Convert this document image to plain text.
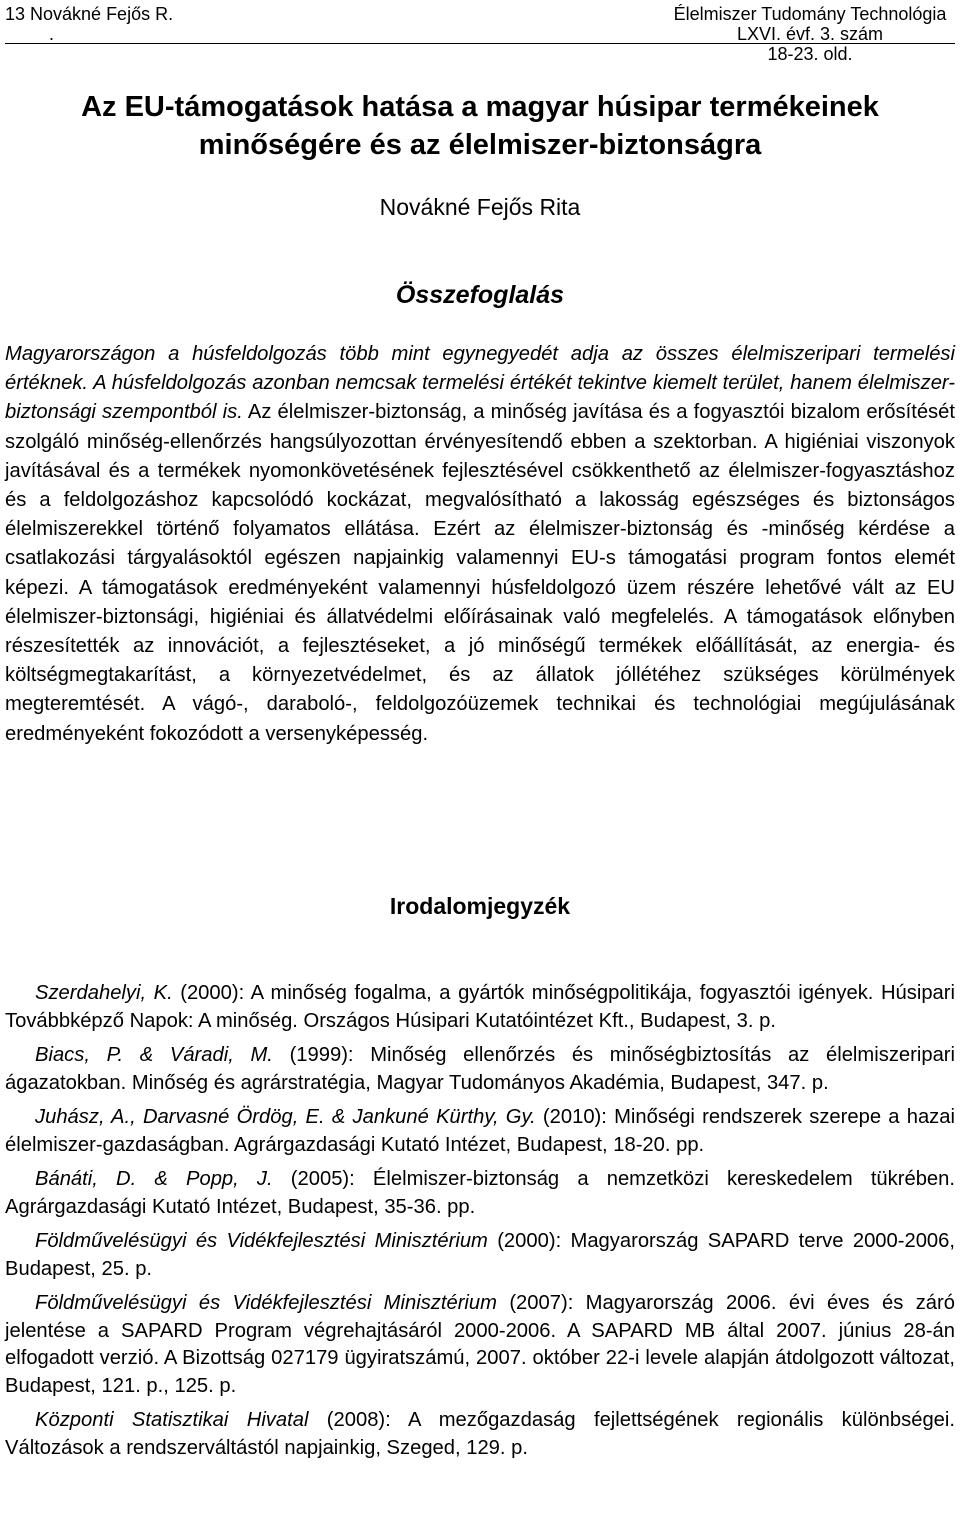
13 Novákné Fejős R.
.
Élelmiszer Tudomány Technológia LXVI. évf. 3. szám
18-23. old.
Az EU-támogatások hatása a magyar húsipar termékeinek
minőségére és az élelmiszer-biztonságra
Novákné Fejős Rita
Összefoglalás

Magyarországon a húsfeldolgozás több mint egynegyedét adja az összes élelmiszeripari termelési értéknek. A húsfeldolgozás azonban nemcsak termelési értékét tekintve kiemelt terület, hanem élelmiszer-biztonsági szempontból is. Az élelmiszer-biztonság, a minőség javítása és a fogyasztói bizalom erősítését szolgáló minőség-ellenőrzés hangsúlyozottan érvényesítendő ebben a szektorban. A higiéniai viszonyok javításával és a termékek nyomonkövetésének fejlesztésével csökkenthető az élelmiszer-fogyasztáshoz és a feldolgozáshoz kapcsolódó kockázat, megvalósítható a lakosság egészséges és biztonságos élelmiszerekkel történő folyamatos ellátása. Ezért az élelmiszer-biztonság és -minőség kérdése a csatlakozási tárgyalásoktól egészen napjainkig valamennyi EU-s támogatási program fontos elemét képezi. A támogatások eredményeként valamennyi húsfeldolgozó üzem részére lehetővé vált az EU élelmiszer-biztonsági, higiéniai és állatvédelmi előírásainak való megfelelés. A támogatások előnyben részesítették az innovációt, a fejlesztéseket, a jó minőségű termékek előállítását, az energia- és költségmegtakarítást, a környezetvédelmet, és az állatok jóllétéhez szükséges körülmények megteremtését. A vágó-, daraboló-, feldolgozóüzemek technikai és technológiai megújulásának eredményeként fokozódott a versenyképesség.

Irodalomjegyzék

Szerdahelyi, K. (2000): A minőség fogalma, a gyártók minőségpolitikája, fogyasztói igények. Húsipari Továbbképző Napok: A minőség. Országos Húsipari Kutatóintézet Kft., Budapest, 3. p.

Biacs, P. & Váradi, M. (1999): Minőség ellenőrzés és minőségbiztosítás az élelmiszeripari ágazatokban. Minőség és agrárstratégia, Magyar Tudományos Akadémia, Budapest, 347. p.

Juhász, A., Darvasné Ördög, E. & Jankuné Kürthy, Gy. (2010): Minőségi rendszerek szerepe a hazai élelmiszer-gazdaságban. Agrárgazdasági Kutató Intézet, Budapest, 18-20. pp.

Bánáti, D. & Popp, J. (2005): Élelmiszer-biztonság a nemzetközi kereskedelem tükrében. Agrárgazdasági Kutató Intézet, Budapest, 35-36. pp.

Földművelésügyi és Vidékfejlesztési Minisztérium (2000): Magyarország SAPARD terve 2000-2006, Budapest, 25. p.

Földművelésügyi és Vidékfejlesztési Minisztérium (2007): Magyarország 2006. évi éves és záró jelentése a SAPARD Program végrehajtásáról 2000-2006. A SAPARD MB által 2007. június 28-án elfogadott verzió. A Bizottság 027179 ügyiratszámú, 2007. október 22-i levele alapján átdolgozott változat, Budapest, 121. p., 125. p.

Központi Statisztikai Hivatal (2008): A mezőgazdaság fejlettségének regionális különbségei. Változások a rendszerváltástól napjainkig, Szeged, 129. p.
